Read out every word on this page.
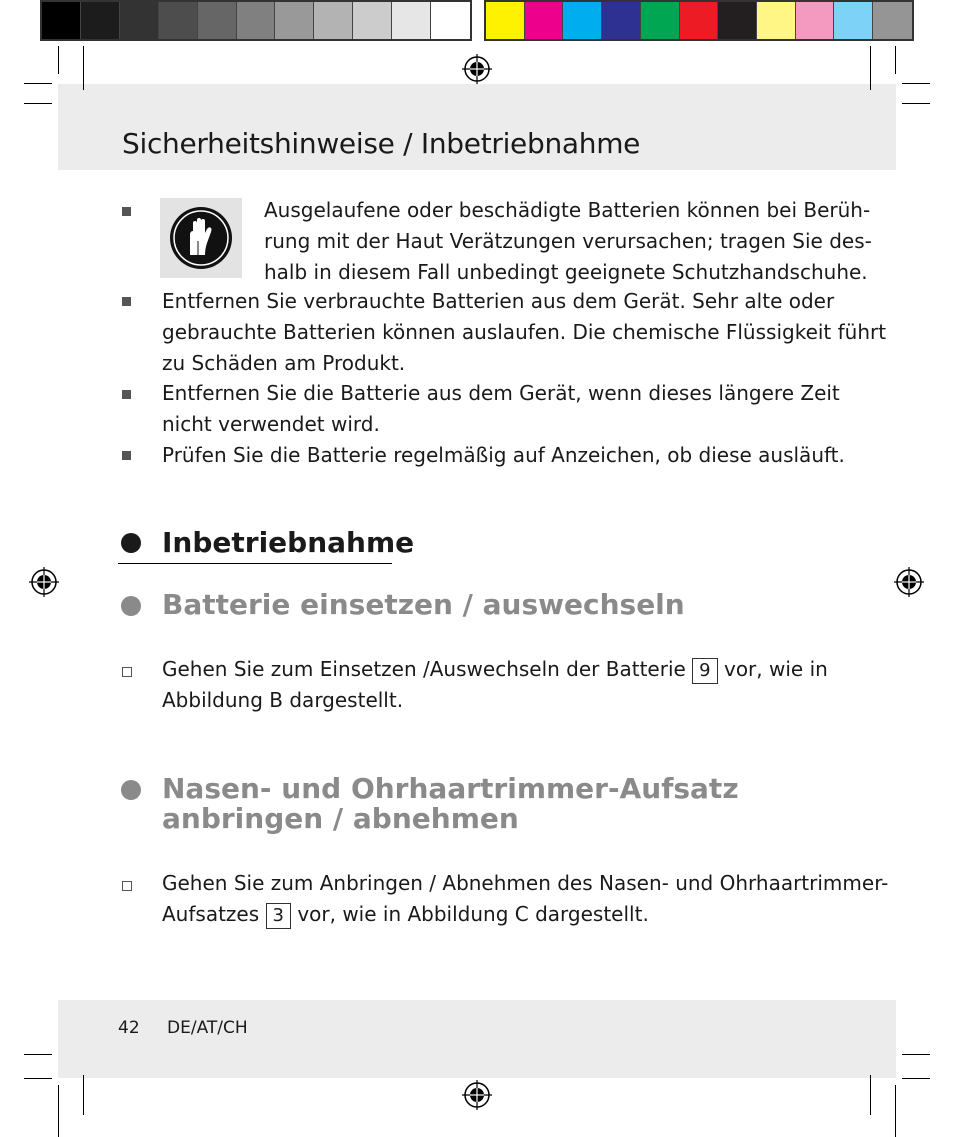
Sicherheitshinweise / Inbetriebnahme

Ausgelaufene oder beschädigte Batterien können bei Berüh-

rung mit der Haut Verätzungen verursachen; tragen Sie des-

halb in diesem Fall unbedingt geeignete Schutzhandschuhe.

Entfernen Sie verbrauchte Batterien aus dem Gerät. Sehr alte oder

gebrauchte Batterien können auslaufen. Die chemische Flüssigkeit führt

zu Schäden am Produkt.

Entfernen Sie die Batterie aus dem Gerät, wenn dieses längere Zeit

nicht verwendet wird.

Prüfen Sie die Batterie regelmäßig auf Anzeichen, ob diese ausläuft.

Inbetriebnahme
Batterie einsetzen / auswechseln

Gehen Sie zum Einsetzen /Auswechseln der Batterie 9 vor, wie in

Abbildung B dargestellt.

Nasen- und Ohrhaartrimmer-Aufsatz
anbringen / abnehmen

Gehen Sie zum Anbringen / Abnehmen des Nasen- und Ohrhaartrimmer-

Aufsatzes 3 vor, wie in Abbildung C dargestellt.

42 DE/AT/CH
